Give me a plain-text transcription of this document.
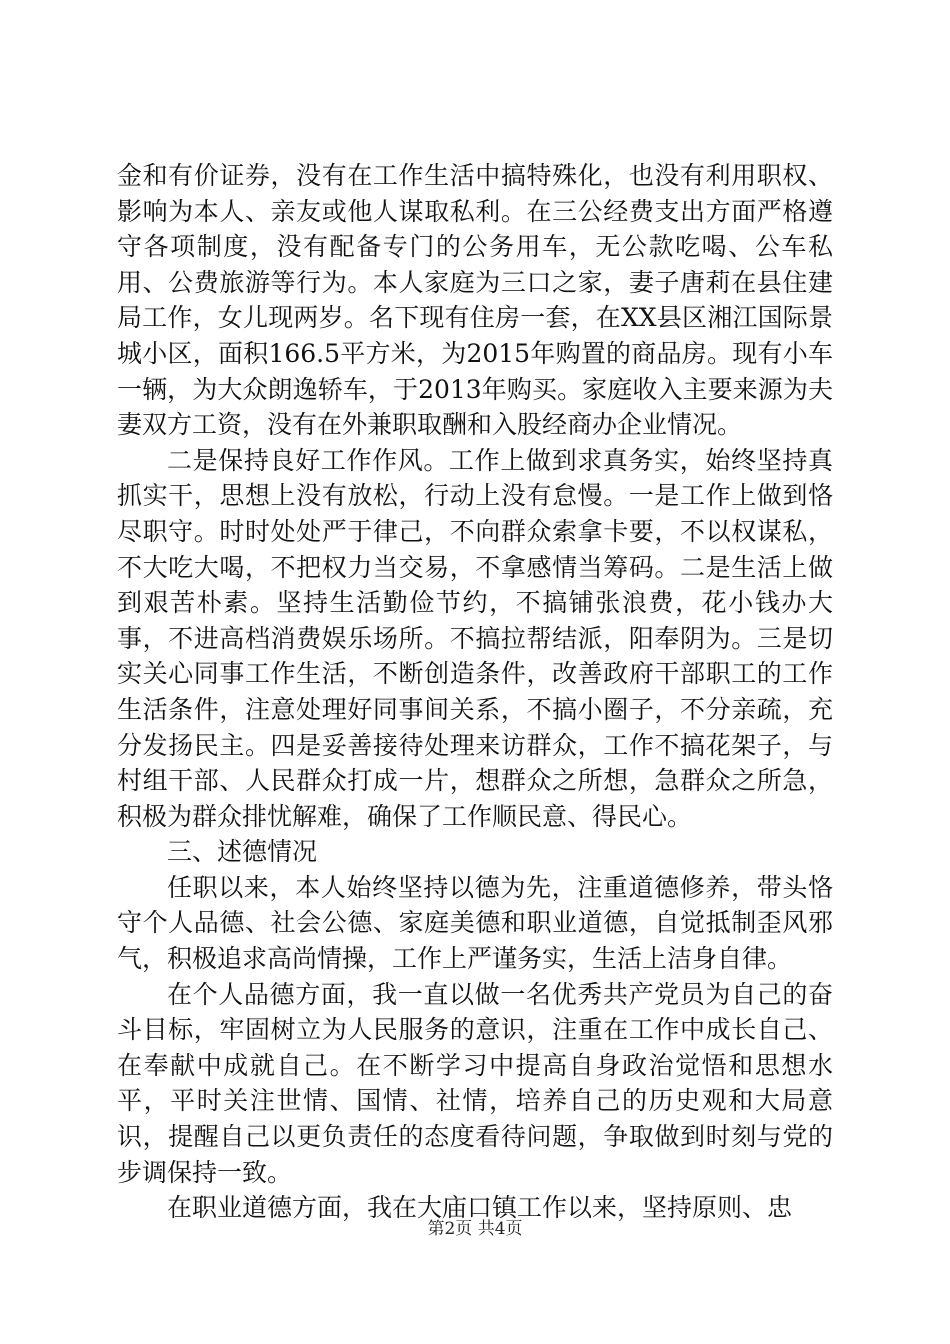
金和有价证券，没有在工作生活中搞特殊化，也没有利用职权、影响为本人、亲友或他人谋取私利。在三公经费支出方面严格遵守各项制度，没有配备专门的公务用车，无公款吃喝、公车私用、公费旅游等行为。本人家庭为三口之家，妻子唐莉在县住建局工作，女儿现两岁。名下现有住房一套，在XX县区湘江国际景城小区，面积166.5平方米，为2015年购置的商品房。现有小车一辆，为大众朗逸轿车，于2013年购买。家庭收入主要来源为夫妻双方工资，没有在外兼职取酬和入股经商办企业情况。

二是保持良好工作作风。工作上做到求真务实，始终坚持真抓实干，思想上没有放松，行动上没有怠慢。一是工作上做到恪尽职守。时时处处严于律己，不向群众索拿卡要，不以权谋私，不大吃大喝，不把权力当交易，不拿感情当筹码。二是生活上做到艰苦朴素。坚持生活勤俭节约，不搞铺张浪费，花小钱办大事，不进高档消费娱乐场所。不搞拉帮结派，阳奉阴为。三是切实关心同事工作生活，不断创造条件，改善政府干部职工的工作生活条件，注意处理好同事间关系，不搞小圈子，不分亲疏，充分发扬民主。四是妥善接待处理来访群众，工作不搞花架子，与村组干部、人民群众打成一片，想群众之所想，急群众之所急，积极为群众排忧解难，确保了工作顺民意、得民心。

三、述德情况

任职以来，本人始终坚持以德为先，注重道德修养，带头恪守个人品德、社会公德、家庭美德和职业道德，自觉抵制歪风邪气，积极追求高尚情操，工作上严谨务实，生活上洁身自律。

在个人品德方面，我一直以做一名优秀共产党员为自己的奋斗目标，牢固树立为人民服务的意识，注重在工作中成长自己、在奉献中成就自己。在不断学习中提高自身政治觉悟和思想水平，平时关注世情、国情、社情，培养自己的历史观和大局意识，提醒自己以更负责任的态度看待问题，争取做到时刻与党的步调保持一致。

在职业道德方面，我在大庙口镇工作以来，坚持原则、忠

第2页 共4页
